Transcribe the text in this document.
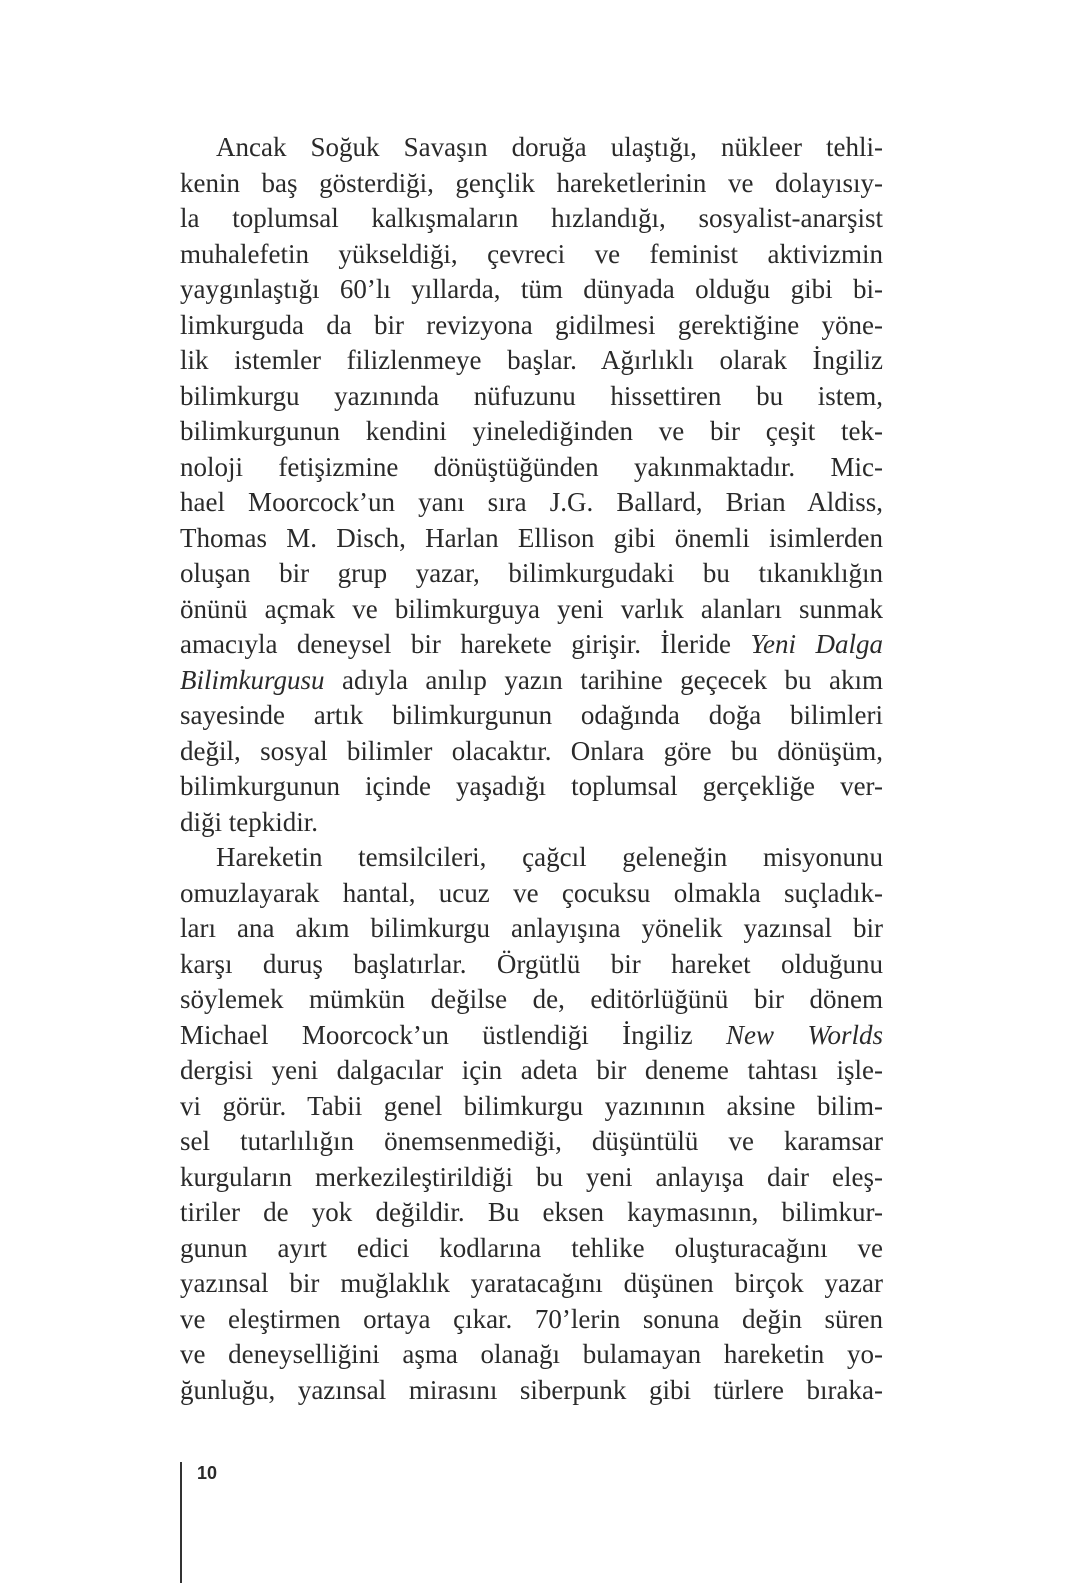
Ancak Soğuk Savaşın doruğa ulaştığı, nükleer tehli-
kenin baş gösterdiği, gençlik hareketlerinin ve dolayısıy-
la toplumsal kalkışmaların hızlandığı, sosyalist-anarşist
muhalefetin yükseldiği, çevreci ve feminist aktivizmin
yaygınlaştığı 60’lı yıllarda, tüm dünyada olduğu gibi bi-
limkurguda da bir revizyona gidilmesi gerektiğine yöne-
lik istemler filizlenmeye başlar. Ağırlıklı olarak İngiliz
bilimkurgu yazınında nüfuzunu hissettiren bu istem,
bilimkurgunun kendini yinelediğinden ve bir çeşit tek-
noloji fetişizmine dönüştüğünden yakınmaktadır. Mic-
hael Moorcock’un yanı sıra J.G. Ballard, Brian Aldiss,
Thomas M. Disch, Harlan Ellison gibi önemli isimlerden
oluşan bir grup yazar, bilimkurgudaki bu tıkanıklığın
önünü açmak ve bilimkurguya yeni varlık alanları sunmak
amacıyla deneysel bir harekete girişir. İleride Yeni Dalga
Bilimkurgusu adıyla anılıp yazın tarihine geçecek bu akım
sayesinde artık bilimkurgunun odağında doğa bilimleri
değil, sosyal bilimler olacaktır. Onlara göre bu dönüşüm,
bilimkurgunun içinde yaşadığı toplumsal gerçekliğe ver-
diği tepkidir.
Hareketin temsilcileri, çağcıl geleneğin misyonunu
omuzlayarak hantal, ucuz ve çocuksu olmakla suçladık-
ları ana akım bilimkurgu anlayışına yönelik yazınsal bir
karşı duruş başlatırlar. Örgütlü bir hareket olduğunu
söylemek mümkün değilse de, editörlüğünü bir dönem
Michael Moorcock’un üstlendiği İngiliz New Worlds
dergisi yeni dalgacılar için adeta bir deneme tahtası işle-
vi görür. Tabii genel bilimkurgu yazınının aksine bilim-
sel tutarlılığın önemsenmediği, düşüntülü ve karamsar
kurguların merkezileştirildiği bu yeni anlayışa dair eleş-
tiriler de yok değildir. Bu eksen kaymasının, bilimkur-
gunun ayırt edici kodlarına tehlike oluşturacağını ve
yazınsal bir muğlaklık yaratacağını düşünen birçok yazar
ve eleştirmen ortaya çıkar. 70’lerin sonuna değin süren
ve deneyselliğini aşma olanağı bulamayan hareketin yo-
ğunluğu, yazınsal mirasını siberpunk gibi türlere bıraka-
10
